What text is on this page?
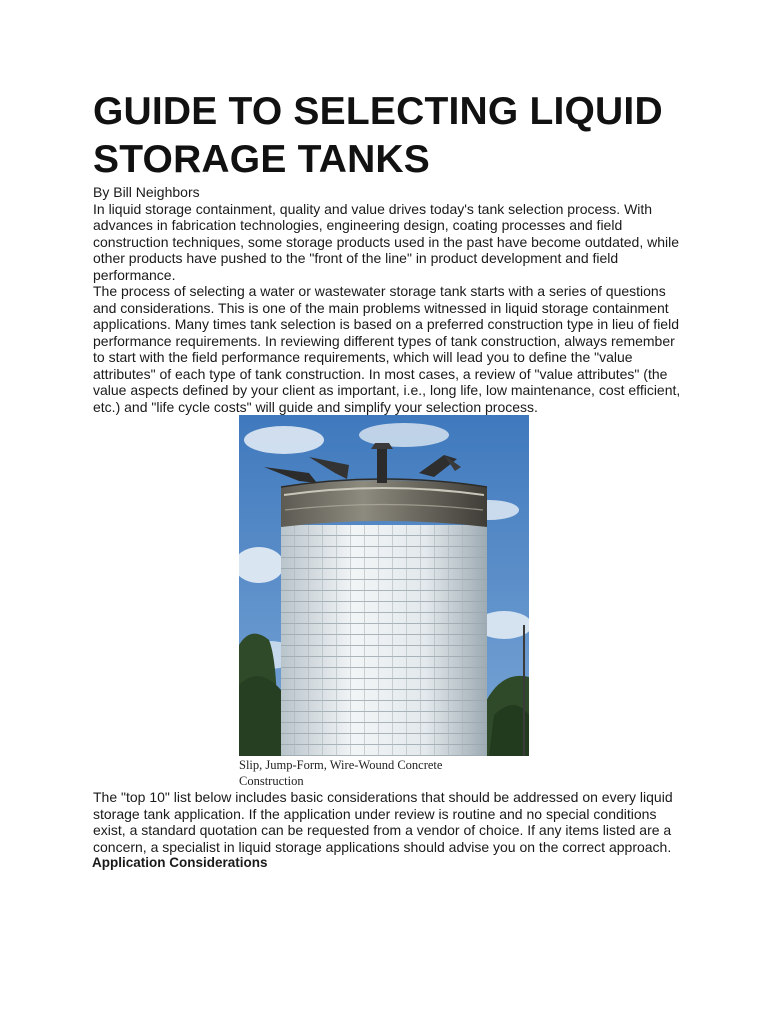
GUIDE TO SELECTING LIQUID STORAGE TANKS

By Bill Neighbors

In liquid storage containment, quality and value drives today's tank selection process. With advances in fabrication technologies, engineering design, coating processes and field construction techniques, some storage products used in the past have become outdated, while other products have pushed to the "front of the line" in product development and field performance.

The process of selecting a water or wastewater storage tank starts with a series of questions and considerations. This is one of the main problems witnessed in liquid storage containment applications. Many times tank selection is based on a preferred construction type in lieu of field performance requirements. In reviewing different types of tank construction, always remember to start with the field performance requirements, which will lead you to define the "value attributes" of each type of tank construction. In most cases, a review of "value attributes" (the value aspects defined by your client as important, i.e., long life, low maintenance, cost efficient, etc.) and "life cycle costs" will guide and simplify your selection process.

Slip, Jump-Form, Wire-Wound Concrete Construction

The "top 10" list below includes basic considerations that should be addressed on every liquid storage tank application. If the application under review is routine and no special conditions exist, a standard quotation can be requested from a vendor of choice. If any items listed are a concern, a specialist in liquid storage applications should advise you on the correct approach.

Application Considerations
